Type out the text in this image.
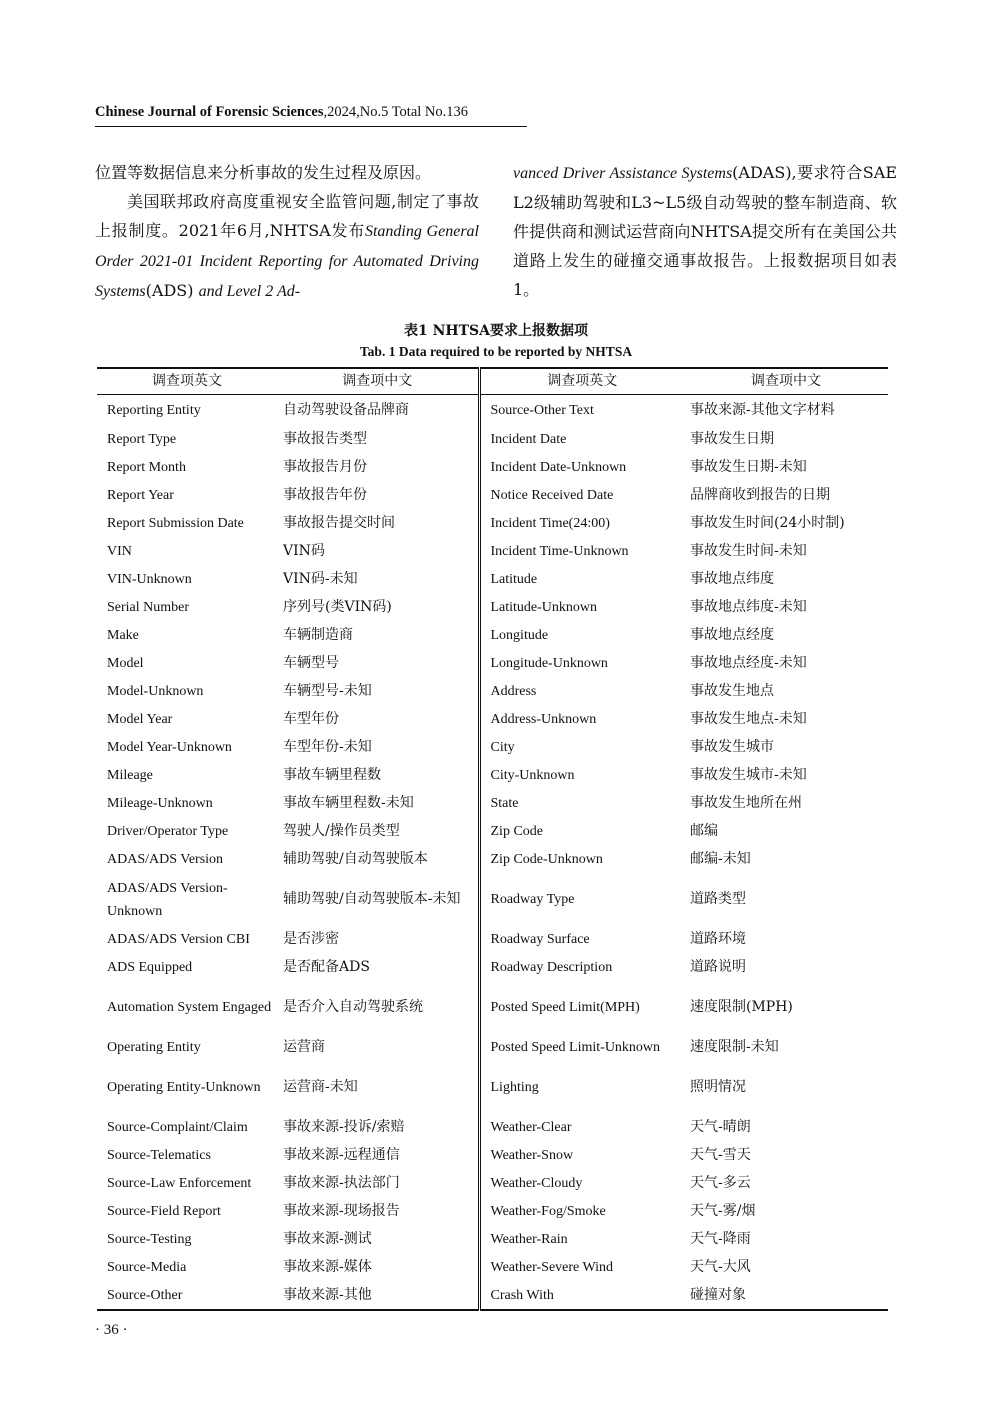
Chinese Journal of Forensic Sciences,2024,No.5 Total No.136

位置等数据信息来分析事故的发生过程及原因。

美国联邦政府高度重视安全监管问题,制定了事故上报制度。2021年6月,NHTSA发布Standing General Order 2021-01 Incident Reporting for Automated Driving Systems(ADS) and Level 2 Ad-

vanced Driver Assistance Systems(ADAS),要求符合SAE L2级辅助驾驶和L3~L5级自动驾驶的整车制造商、软件提供商和测试运营商向NHTSA提交所有在美国公共道路上发生的碰撞交通事故报告。上报数据项目如表1。

表1 NHTSA要求上报数据项
Tab. 1 Data required to be reported by NHTSA
调查项英文	调查项中文	调查项英文	调查项中文
Reporting Entity	自动驾驶设备品牌商	Source-Other Text	事故来源-其他文字材料
Report Type	事故报告类型	Incident Date	事故发生日期
Report Month	事故报告月份	Incident Date-Unknown	事故发生日期-未知
Report Year	事故报告年份	Notice Received Date	品牌商收到报告的日期
Report Submission Date	事故报告提交时间	Incident Time(24:00)	事故发生时间(24小时制)
VIN	VIN码	Incident Time-Unknown	事故发生时间-未知
VIN-Unknown	VIN码-未知	Latitude	事故地点纬度
Serial Number	序列号(类VIN码)	Latitude-Unknown	事故地点纬度-未知
Make	车辆制造商	Longitude	事故地点经度
Model	车辆型号	Longitude-Unknown	事故地点经度-未知
Model-Unknown	车辆型号-未知	Address	事故发生地点
Model Year	车型年份	Address-Unknown	事故发生地点-未知
Model Year-Unknown	车型年份-未知	City	事故发生城市
Mileage	事故车辆里程数	City-Unknown	事故发生城市-未知
Mileage-Unknown	事故车辆里程数-未知	State	事故发生地所在州
Driver/Operator Type	驾驶人/操作员类型	Zip Code	邮编
ADAS/ADS Version	辅助驾驶/自动驾驶版本	Zip Code-Unknown	邮编-未知
ADAS/ADS Version-Unknown	辅助驾驶/自动驾驶版本-未知	Roadway Type	道路类型
ADAS/ADS Version CBI	是否涉密	Roadway Surface	道路环境
ADS Equipped	是否配备ADS	Roadway Description	道路说明
Automation System Engaged	是否介入自动驾驶系统	Posted Speed Limit(MPH)	速度限制(MPH)
Operating Entity	运营商	Posted Speed Limit-Unknown	速度限制-未知
Operating Entity-Unknown	运营商-未知	Lighting	照明情况
Source-Complaint/Claim	事故来源-投诉/索赔	Weather-Clear	天气-晴朗
Source-Telematics	事故来源-远程通信	Weather-Snow	天气-雪天
Source-Law Enforcement	事故来源-执法部门	Weather-Cloudy	天气-多云
Source-Field Report	事故来源-现场报告	Weather-Fog/Smoke	天气-雾/烟
Source-Testing	事故来源-测试	Weather-Rain	天气-降雨
Source-Media	事故来源-媒体	Weather-Severe Wind	天气-大风
Source-Other	事故来源-其他	Crash With	碰撞对象
· 36 ·
